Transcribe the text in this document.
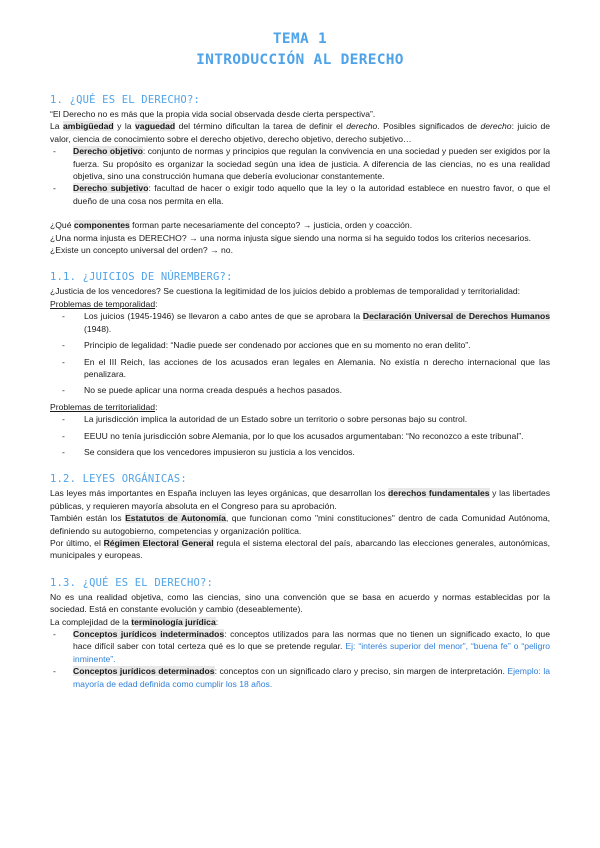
TEMA 1
INTRODUCCIÓN AL DERECHO
1. ¿QUÉ ES EL DERECHO?:

“El Derecho no es más que la propia vida social observada desde cierta perspectiva”.

La ambigüedad y la vaguedad del término dificultan la tarea de definir el derecho. Posibles significados de derecho: juicio de valor, ciencia de conocimiento sobre el derecho objetivo, derecho objetivo, derecho subjetivo…

- Derecho objetivo: conjunto de normas y principios que regulan la convivencia en una sociedad y pueden ser exigidos por la fuerza. Su propósito es organizar la sociedad según una idea de justicia. A diferencia de las ciencias, no es una realidad objetiva, sino una construcción humana que debería evolucionar constantemente.
- Derecho subjetivo: facultad de hacer o exigir todo aquello que la ley o la autoridad establece en nuestro favor, o que el dueño de una cosa nos permita en ella.

¿Qué componentes forman parte necesariamente del concepto? → justicia, orden y coacción.

¿Una norma injusta es DERECHO? → una norma injusta sigue siendo una norma si ha seguido todos los criterios necesarios.

¿Existe un concepto universal del orden? → no.

1.1. ¿JUICIOS DE NÚREMBERG?:

¿Justicia de los vencedores? Se cuestiona la legitimidad de los juicios debido a problemas de temporalidad y territorialidad:

Problemas de temporalidad:

- Los juicios (1945-1946) se llevaron a cabo antes de que se aprobara la Declaración Universal de Derechos Humanos (1948).
- Principio de legalidad: “Nadie puede ser condenado por acciones que en su momento no eran delito”.
- En el III Reich, las acciones de los acusados eran legales en Alemania. No existía n derecho internacional que las penalizara.
- No se puede aplicar una norma creada después a hechos pasados.

Problemas de territorialidad:

- La jurisdicción implica la autoridad de un Estado sobre un territorio o sobre personas bajo su control.
- EEUU no tenía jurisdicción sobre Alemania, por lo que los acusados argumentaban: “No reconozco a este tribunal”.
- Se considera que los vencedores impusieron su justicia a los vencidos.
1.2. LEYES ORGÁNICAS:

Las leyes más importantes en España incluyen las leyes orgánicas, que desarrollan los derechos fundamentales y las libertades públicas, y requieren mayoría absoluta en el Congreso para su aprobación.

También están los Estatutos de Autonomía, que funcionan como "mini constituciones" dentro de cada Comunidad Autónoma, definiendo su autogobierno, competencias y organización política.

Por último, el Régimen Electoral General regula el sistema electoral del país, abarcando las elecciones generales, autonómicas, municipales y europeas.

1.3. ¿QUÉ ES EL DERECHO?:

No es una realidad objetiva, como las ciencias, sino una convención que se basa en acuerdo y normas establecidas por la sociedad. Está en constante evolución y cambio (deseablemente).

La complejidad de la terminología jurídica:

- Conceptos jurídicos indeterminados: conceptos utilizados para las normas que no tienen un significado exacto, lo que hace difícil saber con total certeza qué es lo que se pretende regular. Ej: “interés superior del menor”, “buena fe” o “peligro inminente”.
- Conceptos jurídicos determinados: conceptos con un significado claro y preciso, sin margen de interpretación. Ejemplo: la mayoría de edad definida como cumplir los 18 años.
